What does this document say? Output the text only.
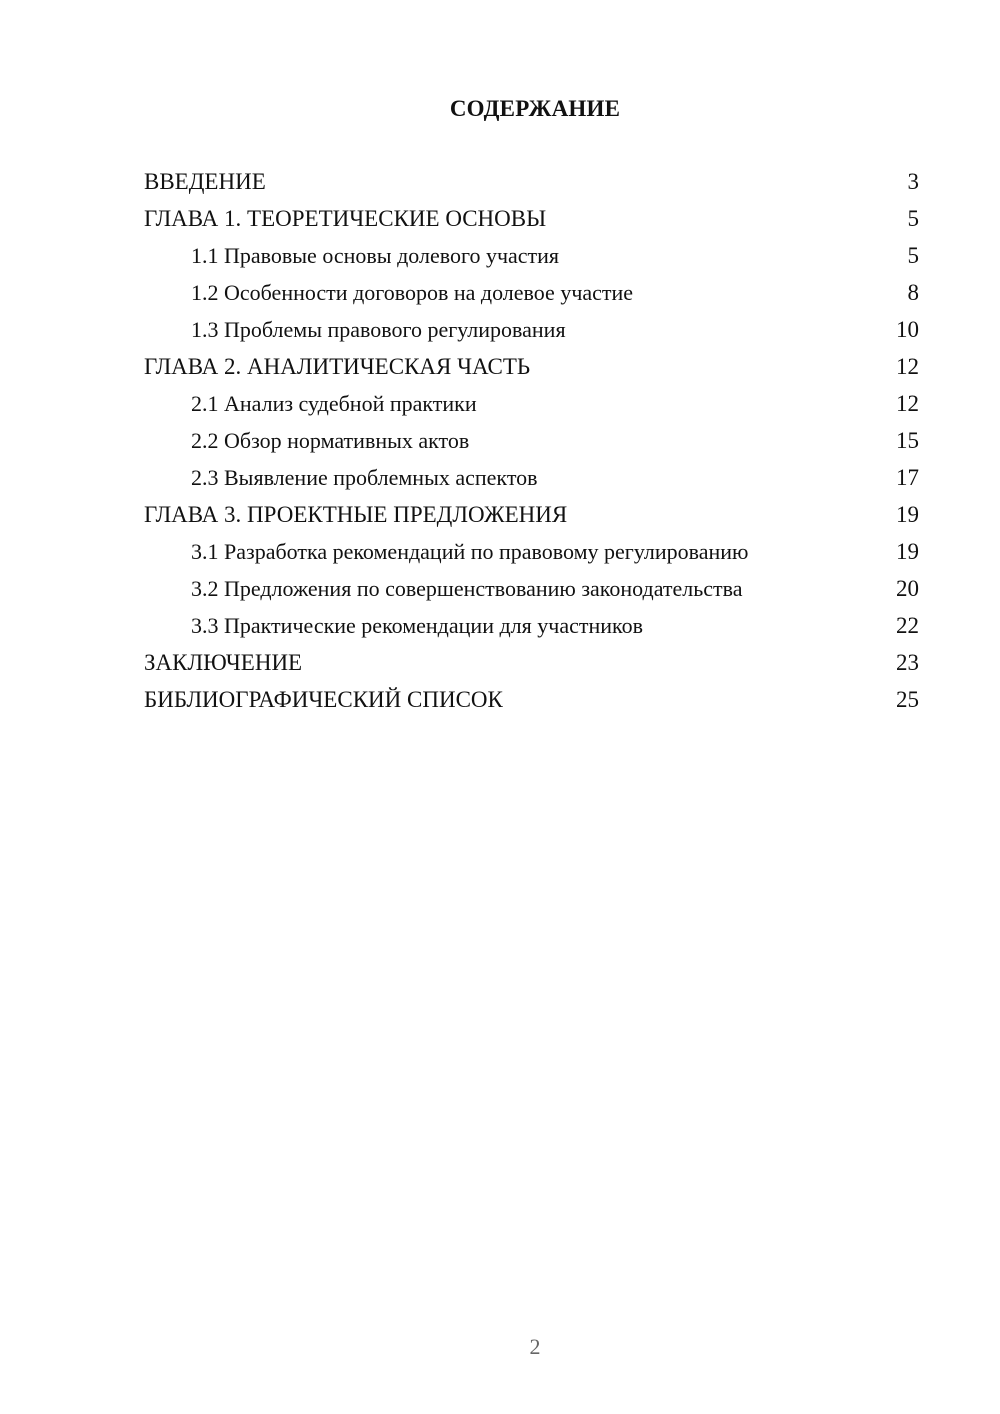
СОДЕРЖАНИЕ
ВВЕДЕНИЕ	3
ГЛАВА 1. ТЕОРЕТИЧЕСКИЕ ОСНОВЫ	5
1.1 Правовые основы долевого участия	5
1.2 Особенности договоров на долевое участие	8
1.3 Проблемы правового регулирования	10
ГЛАВА 2. АНАЛИТИЧЕСКАЯ ЧАСТЬ	12
2.1 Анализ судебной практики	12
2.2 Обзор нормативных актов	15
2.3 Выявление проблемных аспектов	17
ГЛАВА 3. ПРОЕКТНЫЕ ПРЕДЛОЖЕНИЯ	19
3.1 Разработка рекомендаций по правовому регулированию	19
3.2 Предложения по совершенствованию законодательства	20
3.3 Практические рекомендации для участников	22
ЗАКЛЮЧЕНИЕ	23
БИБЛИОГРАФИЧЕСКИЙ СПИСОК	25
2
